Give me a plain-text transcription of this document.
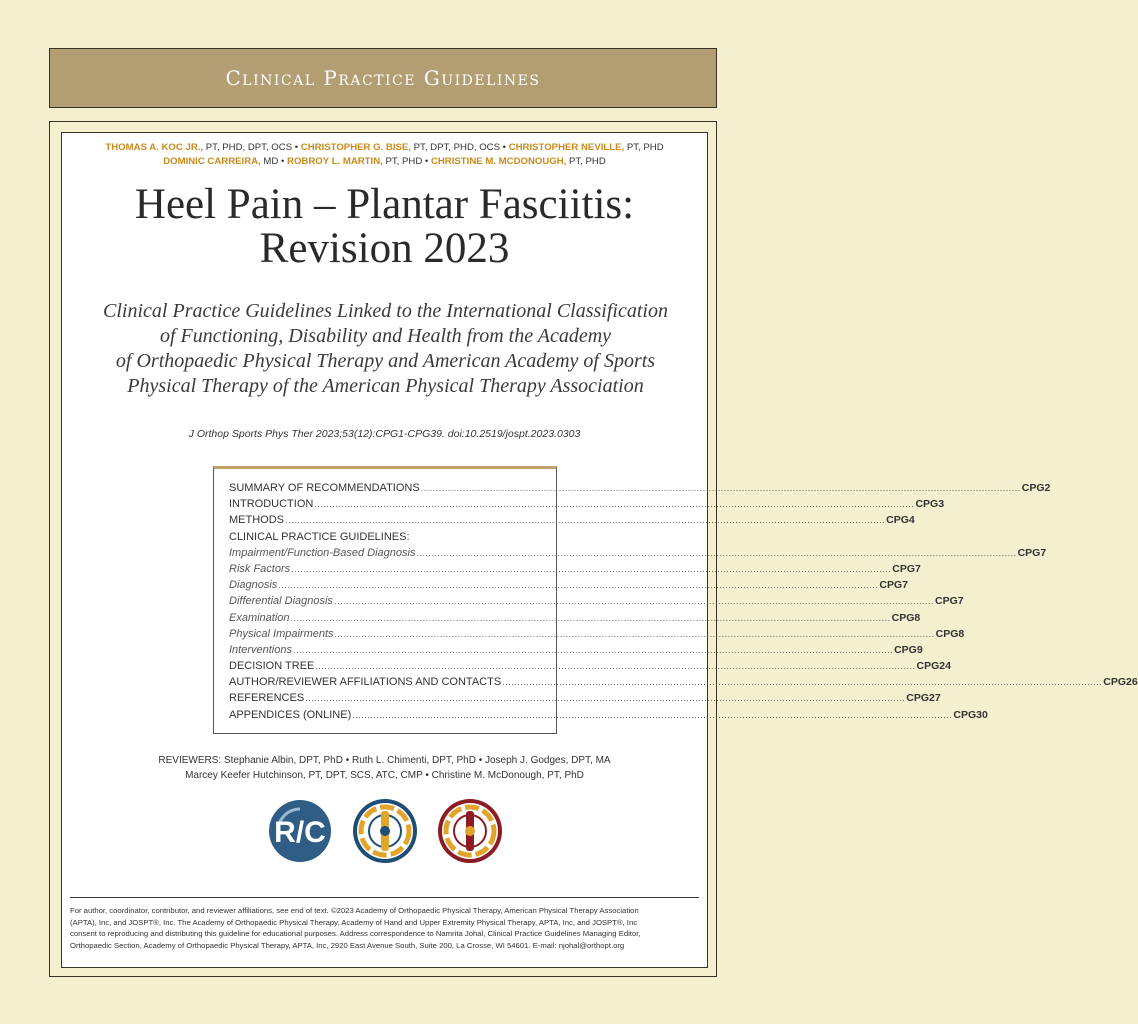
Clinical Practice Guidelines
THOMAS A. KOC JR., PT, PHD, DPT, OCS • CHRISTOPHER G. BISE, PT, DPT, PHD, OCS • CHRISTOPHER NEVILLE, PT, PHD
DOMINIC CARREIRA, MD • ROBROY L. MARTIN, PT, PHD • CHRISTINE M. MCDONOUGH, PT, PHD
Heel Pain – Plantar Fasciitis:
Revision 2023
Clinical Practice Guidelines Linked to the International Classification
of Functioning, Disability and Health from the Academy
of Orthopaedic Physical Therapy and American Academy of Sports
Physical Therapy of the American Physical Therapy Association
J Orthop Sports Phys Ther 2023;53(12):CPG1-CPG39. doi:10.2519/jospt.2023.0303
SUMMARY OF RECOMMENDATIONS ........................................................................................................................................................................................................ CPG2
INTRODUCTION ........................................................................................................................................................................................................ CPG3
METHODS ........................................................................................................................................................................................................ CPG4
CLINICAL PRACTICE GUIDELINES:
Impairment/Function-Based Diagnosis ........................................................................................................................................................................................................ CPG7
Risk Factors ........................................................................................................................................................................................................ CPG7
Diagnosis ........................................................................................................................................................................................................ CPG7
Differential Diagnosis ........................................................................................................................................................................................................ CPG7
Examination ........................................................................................................................................................................................................ CPG8
Physical Impairments ........................................................................................................................................................................................................ CPG8
Interventions ........................................................................................................................................................................................................ CPG9
DECISION TREE ........................................................................................................................................................................................................ CPG24
AUTHOR/REVIEWER AFFILIATIONS AND CONTACTS ........................................................................................................................................................................................................ CPG26
REFERENCES ........................................................................................................................................................................................................ CPG27
APPENDICES (ONLINE) ........................................................................................................................................................................................................ CPG30
REVIEWERS: Stephanie Albin, DPT, PhD • Ruth L. Chimenti, DPT, PhD • Joseph J. Godges, DPT, MA
Marcey Keefer Hutchinson, PT, DPT, SCS, ATC, CMP • Christine M. McDonough, PT, PhD
R/C
For author, coordinator, contributor, and reviewer affiliations, see end of text. ©2023 Academy of Orthopaedic Physical Therapy, American Physical Therapy Association
(APTA), Inc, and JOSPT®, Inc. The Academy of Orthopaedic Physical Therapy, Academy of Hand and Upper Extremity Physical Therapy, APTA, Inc, and JOSPT®, Inc
consent to reproducing and distributing this guideline for educational purposes. Address correspondence to Namrita Johal, Clinical Practice Guidelines Managing Editor,
Orthopaedic Section, Academy of Orthopaedic Physical Therapy, APTA, Inc, 2920 East Avenue South, Suite 200, La Crosse, WI 54601. E-mail: njohal@orthopt.org
